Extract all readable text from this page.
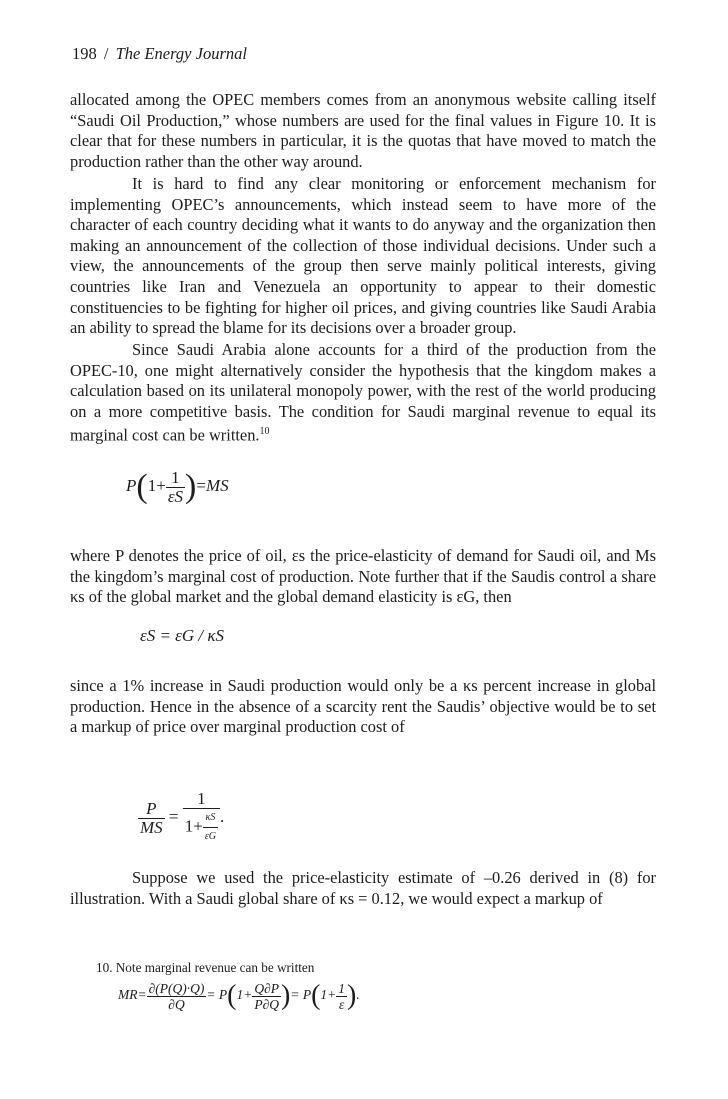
198 / The Energy Journal

allocated among the OPEC members comes from an anonymous website calling itself “Saudi Oil Production,” whose numbers are used for the final values in Figure 10. It is clear that for these numbers in particular, it is the quotas that have moved to match the production rather than the other way around.

It is hard to find any clear monitoring or enforcement mechanism for implementing OPEC’s announcements, which instead seem to have more of the character of each country deciding what it wants to do anyway and the organization then making an announcement of the collection of those individual decisions. Under such a view, the announcements of the group then serve mainly political interests, giving countries like Iran and Venezuela an opportunity to appear to their domestic constituencies to be fighting for higher oil prices, and giving countries like Saudi Arabia an ability to spread the blame for its decisions over a broader group.

Since Saudi Arabia alone accounts for a third of the production from the OPEC-10, one might alternatively consider the hypothesis that the kingdom makes a calculation based on its unilateral monopoly power, with the rest of the world producing on a more competitive basis. The condition for Saudi marginal revenue to equal its marginal cost can be written.$^{10}$

$P(1+ \frac{1}{\varepsilon S} )=MS$

where P denotes the price of oil, εs the price-elasticity of demand for Saudi oil, and Ms the kingdom’s marginal cost of production. Note further that if the Saudis control a share κs of the global market and the global demand elasticity is εG, then

εS = εG / κS

since a 1% increase in Saudi production would only be a κs percent increase in global production. Hence in the absence of a scarcity rent the Saudis’ objective would be to set a markup of price over marginal production cost of

$\frac{P}{MS} = \frac{1}{1+ \frac{\kappa S}{\varepsilon G}}$ .

Suppose we used the price-elasticity estimate of –0.26 derived in (8) for illustration. With a Saudi global share of κs = 0.12, we would expect a markup of

10. Note marginal revenue can be written
$MR= \frac{\partial(P(Q)\cdot Q)}{\partial Q} = P(1+ \frac{Q\partial P}{P\partial Q}$ )= $P(1+ \frac{1}{\varepsilon}$ ).
